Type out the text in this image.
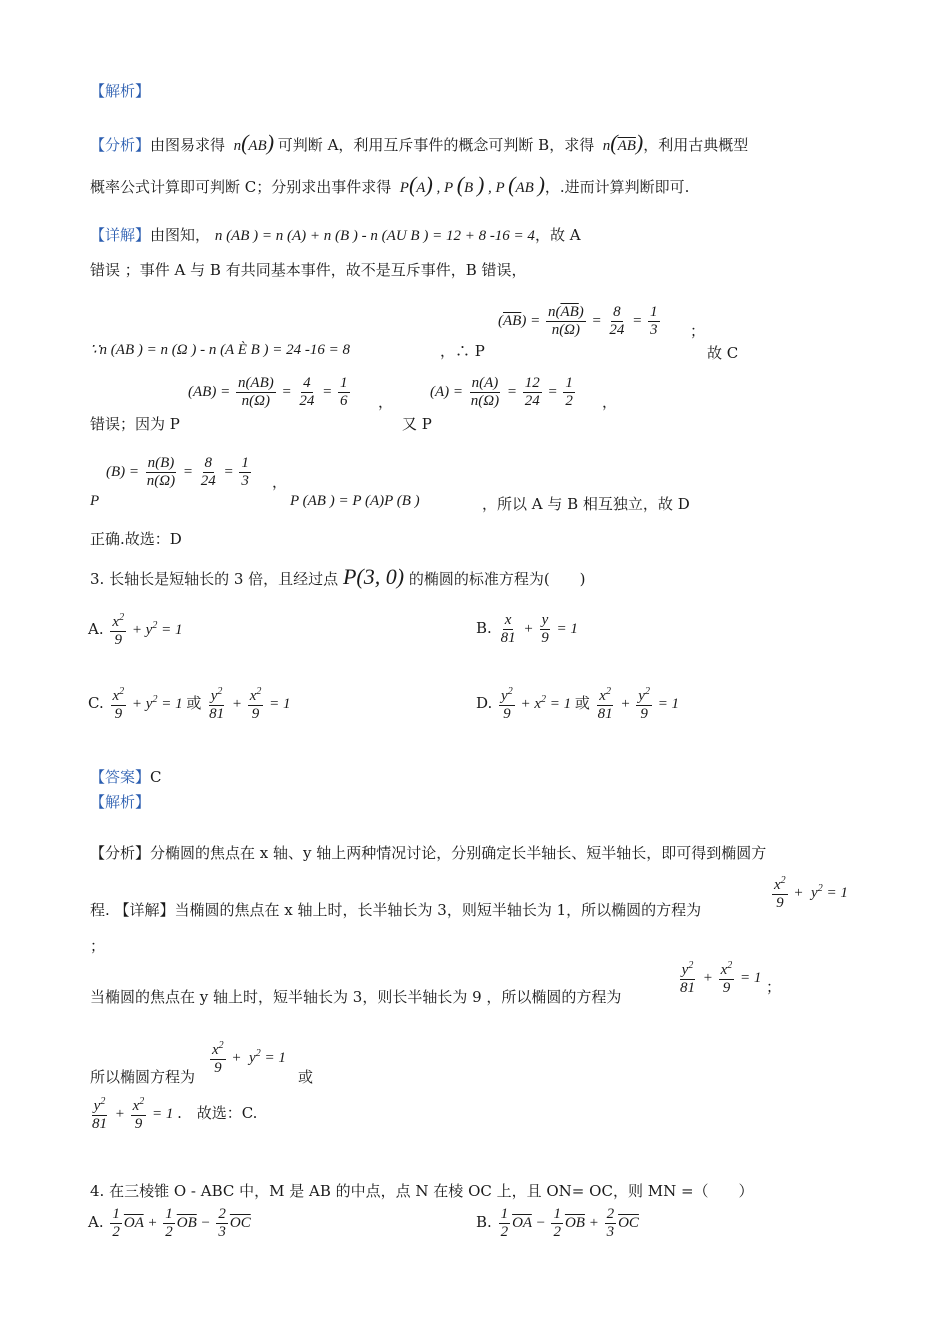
【解析】
【分析】由图易求得  n(AB) 可判断 A，利用互斥事件的概念可判断 B，求得  $n(\overline{AB})$，利用古典概型
概率公式计算即可判断 C；分别求出事件求得  P(A) , P (B ) , P (AB )，.进而计算判断即可.
【详解】由图知， n (AB ) = n (A) + n (B ) - n (AU B ) = 12 + 8 -16 = 4，故 A
错误 ；事件 A 与 B 有共同基本事件，故不是互斥事件，B 错误，
∵n (AB ) = n (Ω ) - n (A È B ) = 24 -16 = 8	，∴ P
$(\overline{AB}) = \frac{n(\overline{AB})}{n(\Omega)} = \frac{8}{24} = \frac{1}{3}$ ；
故 C
错误；因为 P
$(AB) = \frac{n(AB)}{n(\Omega)} = \frac{4}{24} = \frac{1}{6}$ ，
又 P
$(A) = \frac{n(A)}{n(\Omega)} = \frac{12}{24} = \frac{1}{2}$ ，
P
$(B) = \frac{n(B)}{n(\Omega)} = \frac{8}{24} = \frac{1}{3}$ ，
P (AB ) = P (A)P (B )	，所以 A 与 B 相互独立，故 D
正确.故选：D
3. 长轴长是短轴长的 3 倍，且经过点 P(3, 0) 的椭圆的标准方程为(　　)
A. $\frac{x^2}{9} + y^2 = 1$	B. $\frac{x}{81} + \frac{y}{9} = 1$
C. $\frac{x^2}{9} + y^2 = 1$ 或 $\frac{y^2}{81} + \frac{x^2}{9} = 1$	D. $\frac{y^2}{9} + x^2 = 1$ 或 $\frac{x^2}{81} + \frac{y^2}{9} = 1$
【答案】C
【解析】
【分析】分椭圆的焦点在 x 轴、y 轴上两种情况讨论，分别确定长半轴长、短半轴长，即可得到椭圆方
程. 【详解】当椭圆的焦点在 x 轴上时，长半轴长为 3，则短半轴长为 1，所以椭圆的方程为	$\frac{x^2}{9} + y^2 = 1$
；
当椭圆的焦点在 y 轴上时，短半轴长为 3，则长半轴长为 9 ，所以椭圆的方程为	$\frac{y^2}{81} + \frac{x^2}{9} = 1$ ；
所以椭圆方程为 $\frac{x^2}{9} + y^2 = 1$
或
$\frac{y^2}{81} + \frac{x^2}{9} = 1$ . 故选：C.
4. 在三棱锥 O - ABC 中，M 是 AB 的中点，点 N 在棱 OC 上，且 ON= OC，则 MN =（　　）
A. $\frac{1}{2} \overline{OA} + \frac{1}{2} \overline{OB} - \frac{2}{3} \overline{OC}$	B. $\frac{1}{2} \overline{OA} - \frac{1}{2} \overline{OB} + \frac{2}{3} \overline{OC}$
